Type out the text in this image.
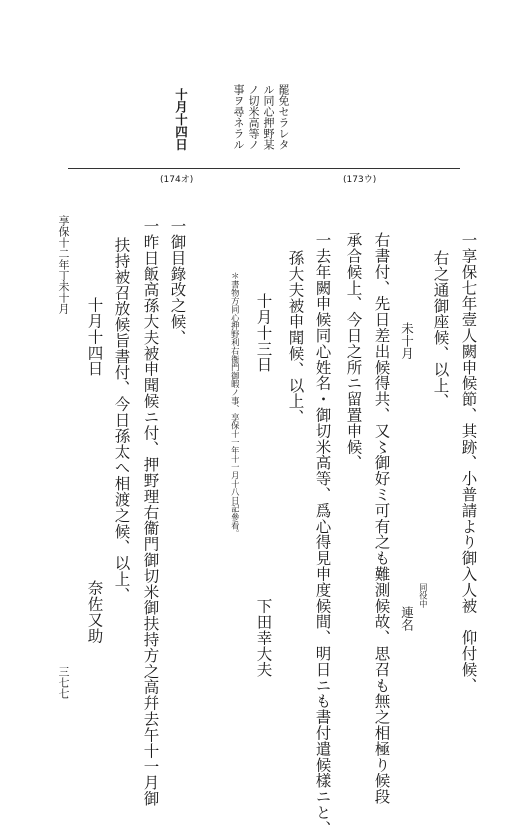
罷免セラレタ
ル同心押野某
ノ切米高等ノ
事ヲ尋ネラル
十月十四日
(174オ)	(173ウ)
一享保七年壹人闕申候節、其跡、小普請より御入人被　仰付候、
右之通御座候、以上、
未十月
同役中
連名
右書付、先日差出候得共、又〻御好ミ可有之も難測候故、思召も無之相極り候段
承合候上、今日之所ニ留置申候、
一去年闕申候同心姓名・御切米高等、爲心得見申度候間、明日ニも書付遣候樣ニと、
孫大夫被申聞候、以上、
十月十三日
下田幸大夫
＊書物方同心押野利右衞門御暇ノ事、享保十一年十一月十八日記參看。
一御目錄改之候、
一昨日飯高孫大夫被申聞候ニ付、押野理右衞門御切米御扶持方之高幷去午十一月御
扶持被召放候旨書付、今日孫太へ相渡之候、以上、
十月十四日
奈佐又助
享保十二年丁未十月
三七七
